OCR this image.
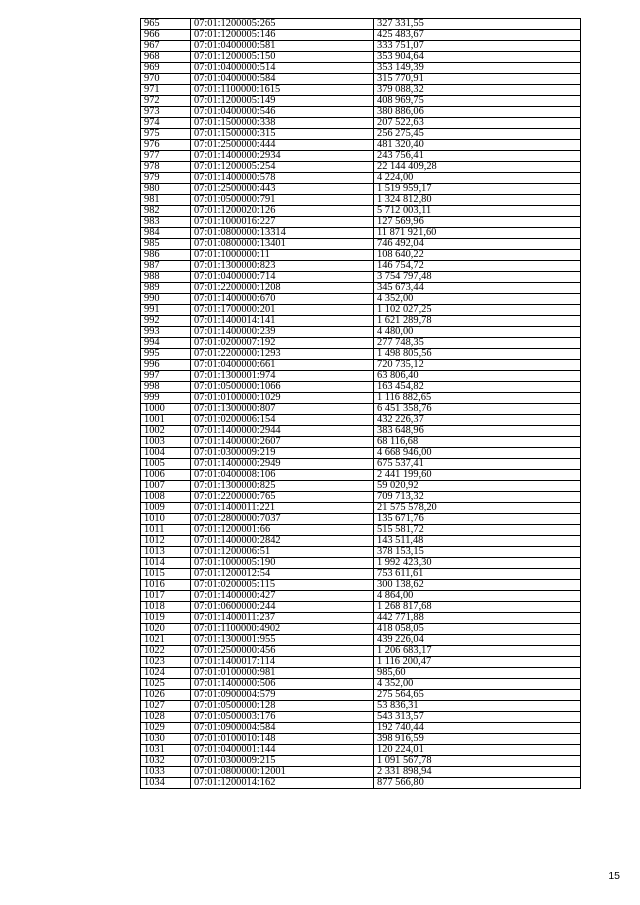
965	07:01:1200005:265	327 331,55
966	07:01:1200005:146	425 483,67
967	07:01:0400000:581	333 751,07
968	07:01:1200005:150	353 904,64
969	07:01:0400000:514	353 149,39
970	07:01:0400000:584	315 770,91
971	07:01:1100000:1615	379 088,32
972	07:01:1200005:149	408 969,75
973	07:01:0400000:546	380 886,06
974	07:01:1500000:338	207 522,63
975	07:01:1500000:315	256 275,45
976	07:01:2500000:444	481 320,40
977	07:01:1400000:2934	243 756,41
978	07:01:1200005:254	22 144 409,28
979	07:01:1400000:578	4 224,00
980	07:01:2500000:443	1 519 959,17
981	07:01:0500000:791	1 324 812,80
982	07:01:1200020:126	5 712 003,11
983	07:01:1000016:227	127 569,96
984	07:01:0800000:13314	11 871 921,60
985	07:01:0800000:13401	746 492,04
986	07:01:1000000:11	108 640,22
987	07:01:1300000:823	146 754,72
988	07:01:0400000:714	3 754 797,48
989	07:01:2200000:1208	345 673,44
990	07:01:1400000:670	4 352,00
991	07:01:1700000:201	1 102 027,25
992	07:01:1400014:141	1 621 289,78
993	07:01:1400000:239	4 480,00
994	07:01:0200007:192	277 748,35
995	07:01:2200000:1293	1 498 805,56
996	07:01:0400000:661	720 735,12
997	07:01:1300001:974	63 806,40
998	07:01:0500000:1066	163 454,82
999	07:01:0100000:1029	1 116 882,65
1000	07:01:1300000:807	6 451 358,76
1001	07:01:0200006:154	432 226,37
1002	07:01:1400000:2944	383 648,96
1003	07:01:1400000:2607	68 116,68
1004	07:01:0300009:219	4 668 946,00
1005	07:01:1400000:2949	675 537,41
1006	07:01:0400008:106	2 441 199,60
1007	07:01:1300000:825	59 020,92
1008	07:01:2200000:765	709 713,32
1009	07:01:1400011:221	21 575 578,20
1010	07:01:2800000:7037	135 671,76
1011	07:01:1200001:66	515 581,72
1012	07:01:1400000:2842	143 511,48
1013	07:01:1200006:51	378 153,15
1014	07:01:1000005:190	1 992 423,30
1015	07:01:1200012:54	753 611,61
1016	07:01:0200005:115	300 138,62
1017	07:01:1400000:427	4 864,00
1018	07:01:0600000:244	1 268 817,68
1019	07:01:1400011:237	442 771,88
1020	07:01:1100000:4902	418 058,05
1021	07:01:1300001:955	439 226,04
1022	07:01:2500000:456	1 206 683,17
1023	07:01:1400017:114	1 116 200,47
1024	07:01:0100000:981	985,60
1025	07:01:1400000:506	4 352,00
1026	07:01:0900004:579	275 564,65
1027	07:01:0500000:128	53 836,31
1028	07:01:0500003:176	543 313,57
1029	07:01:0900004:584	192 740,44
1030	07:01:0100010:148	398 916,59
1031	07:01:0400001:144	120 224,01
1032	07:01:0300009:215	1 091 567,78
1033	07:01:0800000:12001	2 331 898,94
1034	07:01:1200014:162	877 566,80
15
